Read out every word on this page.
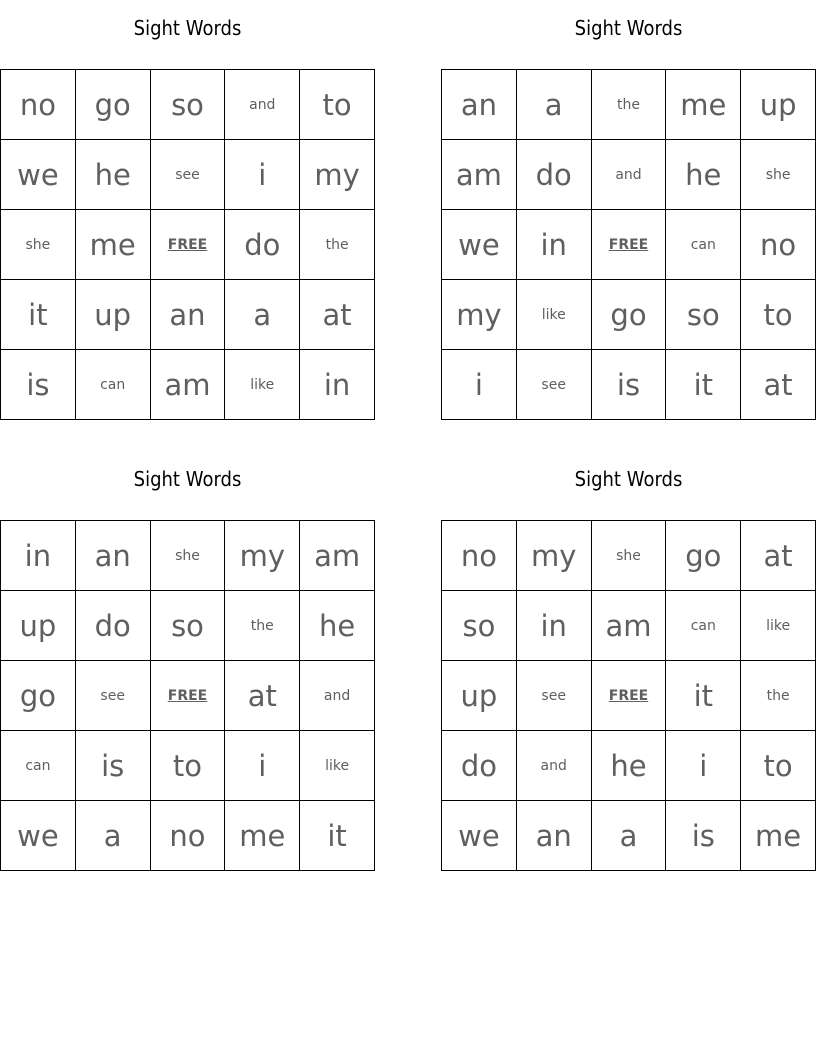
Sight Words
no	go	so	and	to
we	he	see	i	my
she	me	FREE	do	the
it	up	an	a	at
is	can	am	like	in
Sight Words
an	a	the	me	up
am	do	and	he	she
we	in	FREE	can	no
my	like	go	so	to
i	see	is	it	at
Sight Words
in	an	she	my	am
up	do	so	the	he
go	see	FREE	at	and
can	is	to	i	like
we	a	no	me	it
Sight Words
no	my	she	go	at
so	in	am	can	like
up	see	FREE	it	the
do	and	he	i	to
we	an	a	is	me
